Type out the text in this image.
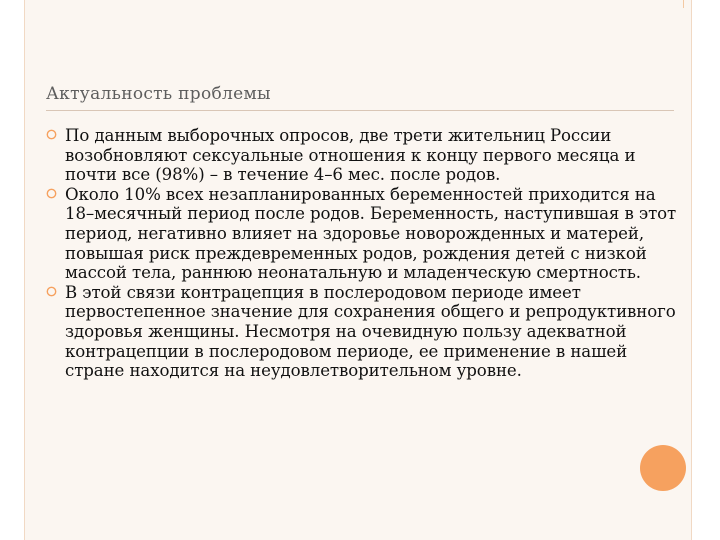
Актуальность проблемы
По данным выборочных опросов, две трети жительниц России возобновляют сексуальные отношения к концу первого месяца и почти все (98%) – в течение 4–6 мес. после родов.
Около 10% всех незапланированных беременностей приходится на 18–месячный период после родов. Беременность, наступившая в этот период, негативно влияет на здоровье новорожденных и матерей, повышая риск преждевременных родов, рождения детей с низкой массой тела, раннюю неонатальную и младенческую смертность.
В этой связи контрацепция в послеродовом периоде имеет первостепенное значение для сохранения общего и репродуктивного здоровья женщины. Несмотря на очевидную пользу адекватной контрацепции в послеродовом периоде, ее применение в нашей стране находится на неудовлетворительном уровне.
